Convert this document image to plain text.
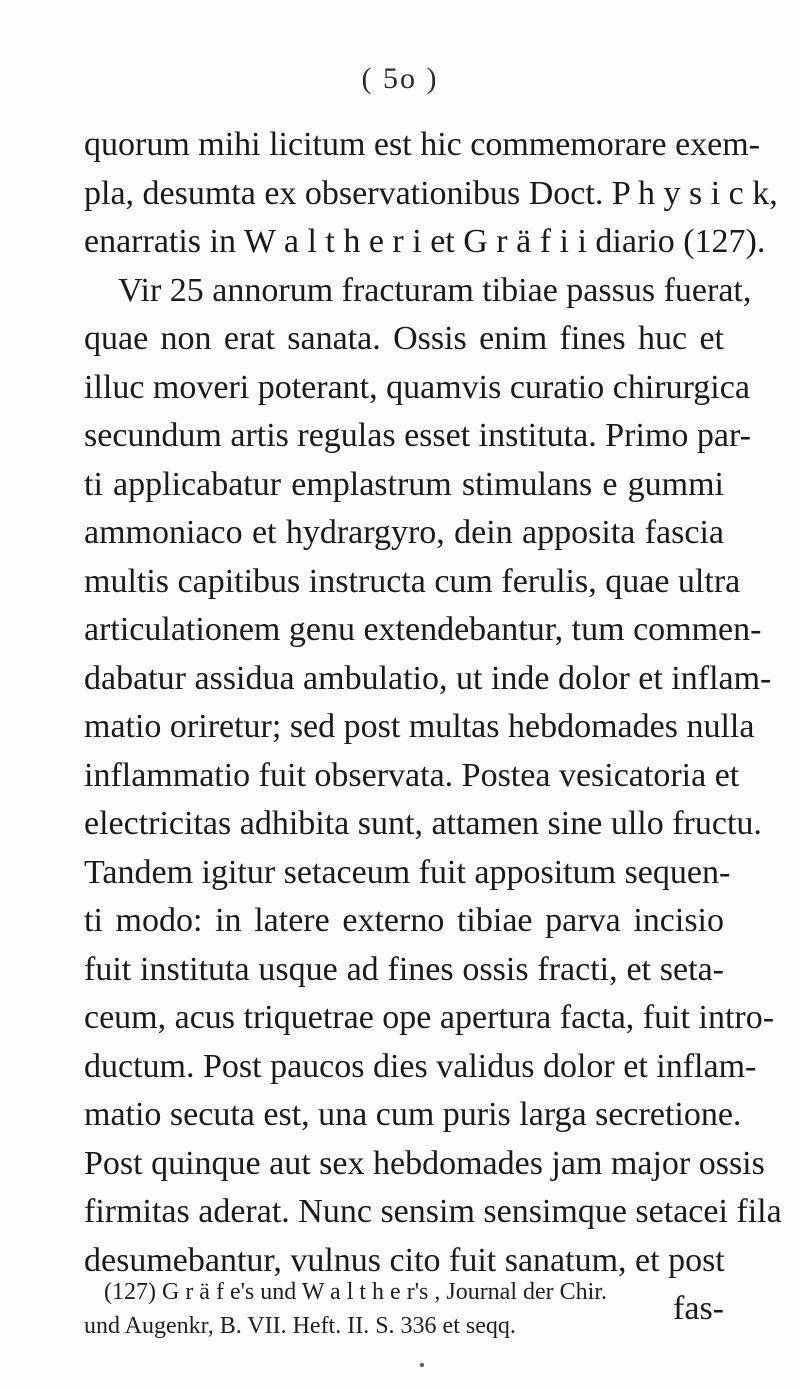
( 5o )
quorum mihi licitum est hic commemorare exem-
pla, desumta ex observationibus Doct. P h y s i c k,
enarratis in W a l t h e r i et G r ä f i i diario (127).
Vir 25 annorum fracturam tibiae passus fuerat,
quae non erat sanata. Ossis enim fines huc et
illuc moveri poterant, quamvis curatio chirurgica
secundum artis regulas esset instituta. Primo par-
ti applicabatur emplastrum stimulans e gummi
ammoniaco et hydrargyro, dein apposita fascia
multis capitibus instructa cum ferulis, quae ultra
articulationem genu extendebantur, tum commen-
dabatur assidua ambulatio, ut inde dolor et inflam-
matio oriretur; sed post multas hebdomades nulla
inflammatio fuit observata. Postea vesicatoria et
electricitas adhibita sunt, attamen sine ullo fructu.
Tandem igitur setaceum fuit appositum sequen-
ti modo: in latere externo tibiae parva incisio
fuit instituta usque ad fines ossis fracti, et seta-
ceum, acus triquetrae ope apertura facta, fuit intro-
ductum. Post paucos dies validus dolor et inflam-
matio secuta est, una cum puris larga secretione.
Post quinque aut sex hebdomades jam major ossis
firmitas aderat. Nunc sensim sensimque setacei fila
desumebantur, vulnus cito fuit sanatum, et post
fas-
(127) G r ä f e's und W a l t h e r's , Journal der Chir.
und Augenkr, B. VII. Heft. II. S. 336 et seqq.
